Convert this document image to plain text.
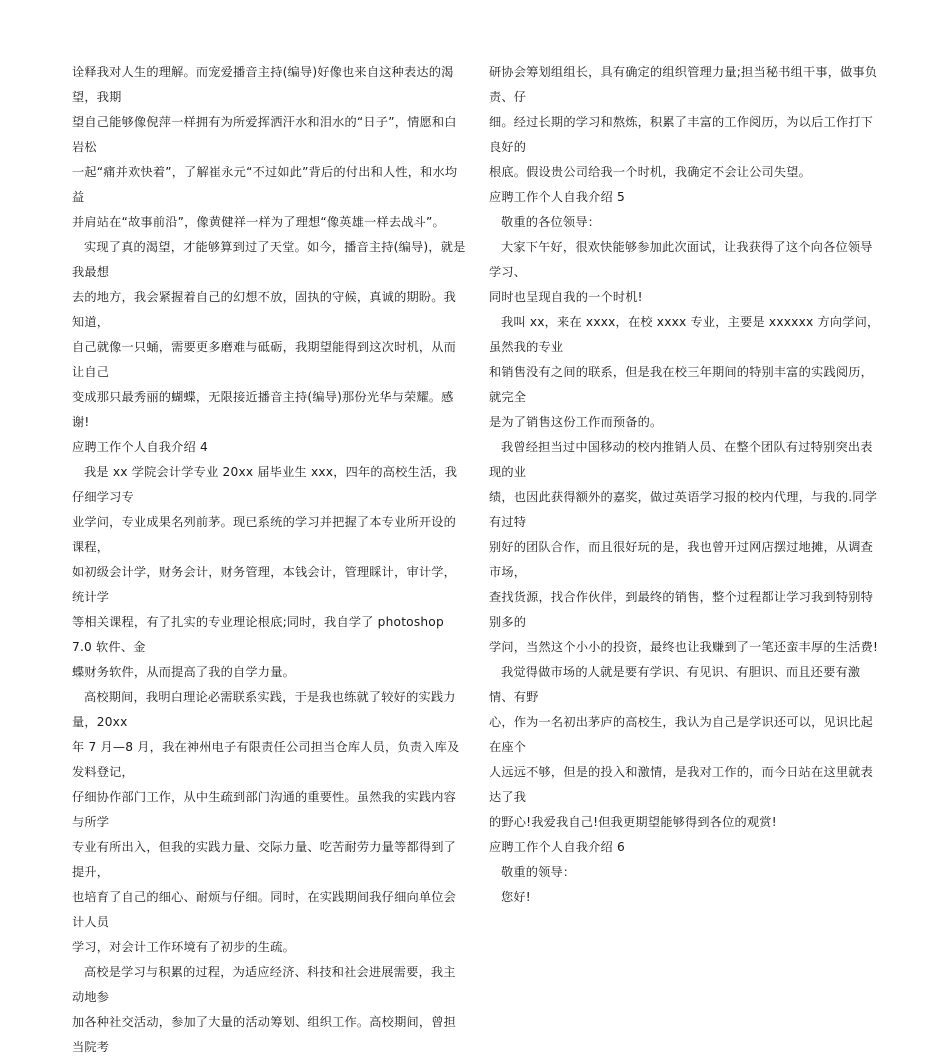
诠释我对人生的理解。而宠爱播音主持(编导)好像也来自这种表达的渴望，我期

望自己能够像倪萍一样拥有为所爱挥洒汗水和泪水的“日子”，情愿和白岩松

一起“痛并欢快着”，了解崔永元“不过如此”背后的付出和人性，和水均益

并肩站在“故事前沿”，像黄健祥一样为了理想“像英雄一样去战斗”。

实现了真的渴望，才能够算到过了天堂。如今，播音主持(编导)，就是我最想

去的地方，我会紧握着自己的幻想不放，固执的守候，真诚的期盼。我知道，

自己就像一只蛹，需要更多磨难与砥砺，我期望能得到这次时机，从而让自己

变成那只最秀丽的蝴蝶，无限接近播音主持(编导)那份光华与荣耀。感谢!

应聘工作个人自我介绍 4

我是 xx 学院会计学专业 20xx 届毕业生 xxx，四年的高校生活，我仔细学习专

业学问，专业成果名列前茅。现已系统的学习并把握了本专业所开设的课程，

如初级会计学，财务会计，财务管理，本钱会计，管理睬计，审计学，统计学

等相关课程，有了扎实的专业理论根底;同时，我自学了 photoshop 7.0 软件、金

蝶财务软件，从而提高了我的自学力量。

高校期间，我明白理论必需联系实践，于是我也练就了较好的实践力量，20xx

年 7 月—8 月，我在神州电子有限责任公司担当仓库人员，负责入库及发料登记，

仔细协作部门工作，从中生疏到部门沟通的重要性。虽然我的实践内容与所学

专业有所出入，但我的实践力量、交际力量、吃苦耐劳力量等都得到了提升，

也培育了自己的细心、耐烦与仔细。同时，在实践期间我仔细向单位会计人员

学习，对会计工作环境有了初步的生疏。

高校是学习与积累的过程，为适应经济、科技和社会进展需要，我主动地参

加各种社交活动，参加了大量的活动筹划、组织工作。高校期间，曾担当院考

研协会筹划组组长，具有确定的组织管理力量;担当秘书组干事，做事负责、仔

细。经过长期的学习和熬炼，积累了丰富的工作阅历，为以后工作打下良好的

根底。假设贵公司给我一个时机，我确定不会让公司失望。

应聘工作个人自我介绍 5

敬重的各位领导：

大家下午好，很欢快能够参加此次面试，让我获得了这个向各位领导学习、

同时也呈现自我的一个时机!

我叫 xx，来在 xxxx，在校 xxxx 专业，主要是 xxxxxx 方向学问，虽然我的专业

和销售没有之间的联系，但是我在校三年期间的特别丰富的实践阅历，就完全

是为了销售这份工作而预备的。

我曾经担当过中国移动的校内推销人员、在整个团队有过特别突出表现的业

绩，也因此获得额外的嘉奖，做过英语学习报的校内代理，与我的.同学有过特

别好的团队合作，而且很好玩的是，我也曾开过网店摆过地摊，从调查市场，

查找货源，找合作伙伴，到最终的销售，整个过程都让学习我到特别特别多的

学问，当然这个小小的投资，最终也让我赚到了一笔还蛮丰厚的生活费!

我觉得做市场的人就是要有学识、有见识、有胆识、而且还要有激情、有野

心，作为一名初出茅庐的高校生，我认为自己是学识还可以，见识比起在座个

人远远不够，但是的投入和激情，是我对工作的，而今日站在这里就表达了我

的野心!我爱我自己!但我更期望能够得到各位的观赏!

应聘工作个人自我介绍 6

敬重的领导：

您好!
